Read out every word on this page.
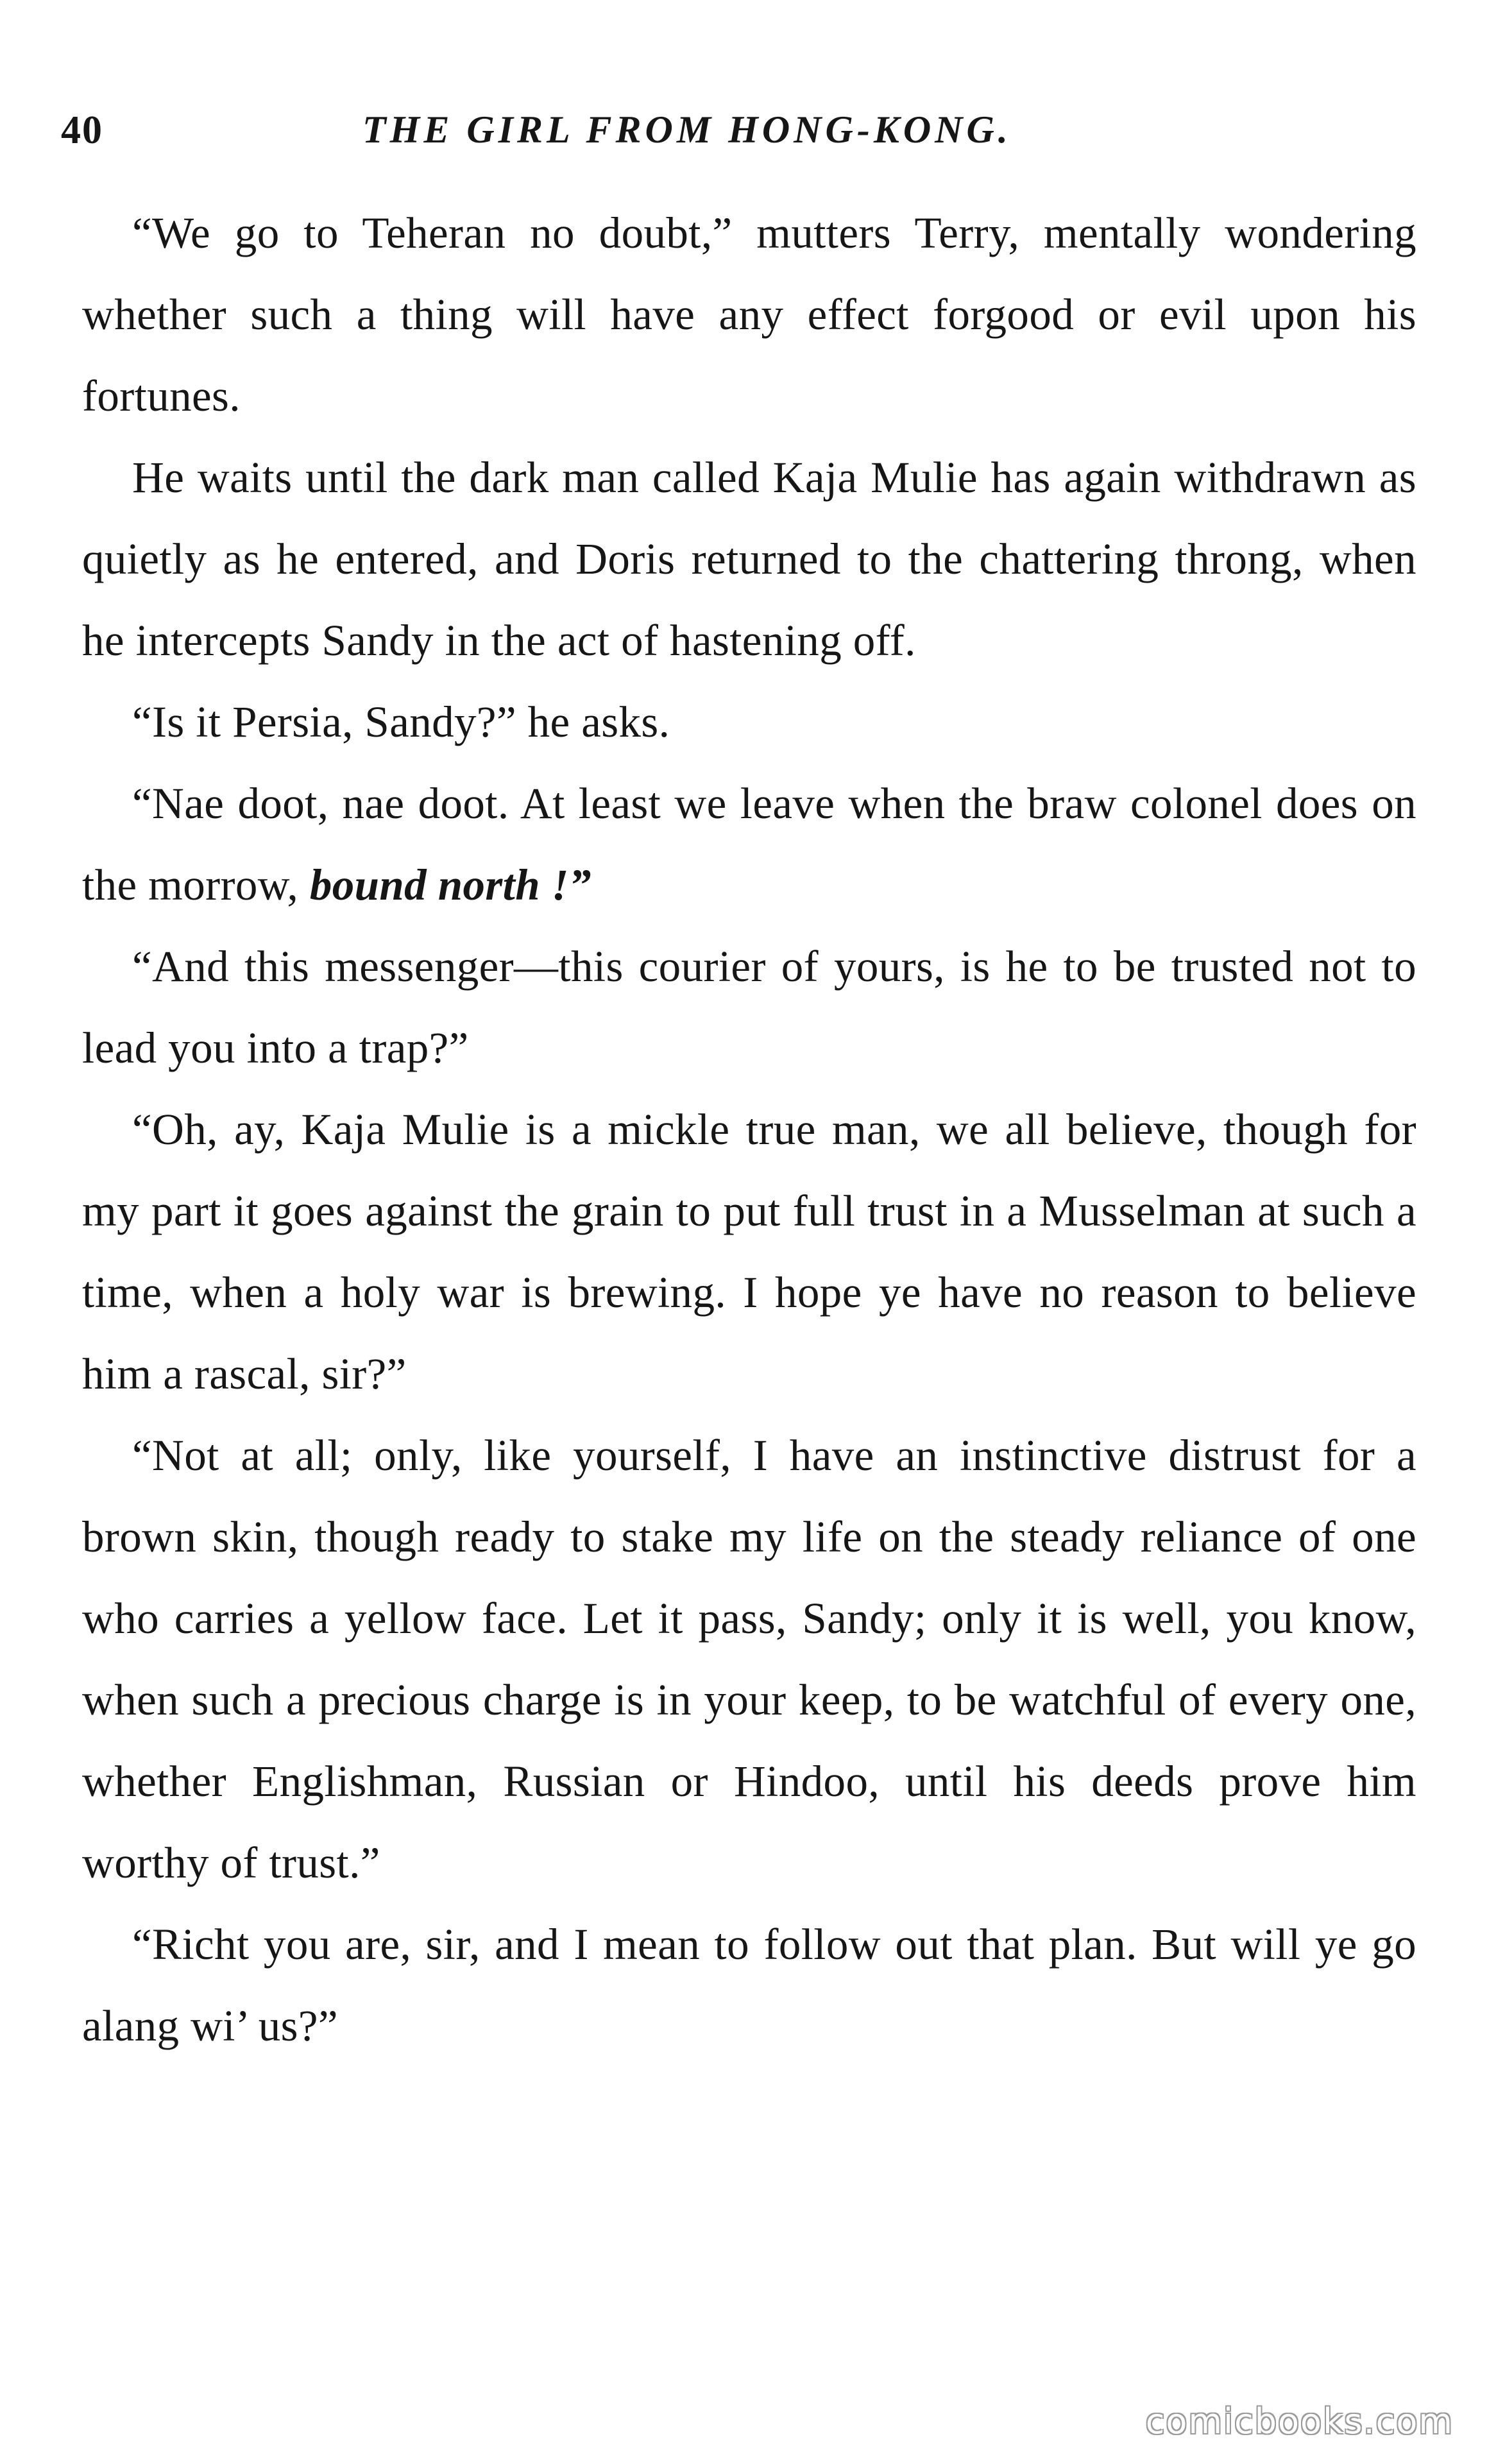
40	THE GIRL FROM HONG-KONG.

“We go to Teheran no doubt,” mutters Terry, mentally wondering whether such a thing will have any effect forgood or evil upon his fortunes.

He waits until the dark man called Kaja Mulie has again withdrawn as quietly as he entered, and Doris returned to the chattering throng, when he intercepts Sandy in the act of hastening off.

“Is it Persia, Sandy?” he asks.

“Nae doot, nae doot. At least we leave when the braw colonel does on the morrow, bound north !”

“And this messenger—this courier of yours, is he to be trusted not to lead you into a trap?”

“Oh, ay, Kaja Mulie is a mickle true man, we all believe, though for my part it goes against the grain to put full trust in a Musselman at such a time, when a holy war is brewing. I hope ye have no reason to believe him a rascal, sir?”

“Not at all; only, like yourself, I have an instinctive distrust for a brown skin, though ready to stake my life on the steady reliance of one who carries a yellow face. Let it pass, Sandy; only it is well, you know, when such a precious charge is in your keep, to be watchful of every one, whether Englishman, Russian or Hindoo, until his deeds prove him worthy of trust.”

“Richt you are, sir, and I mean to follow out that plan. But will ye go alang wi’ us?”

comicbooks.com
